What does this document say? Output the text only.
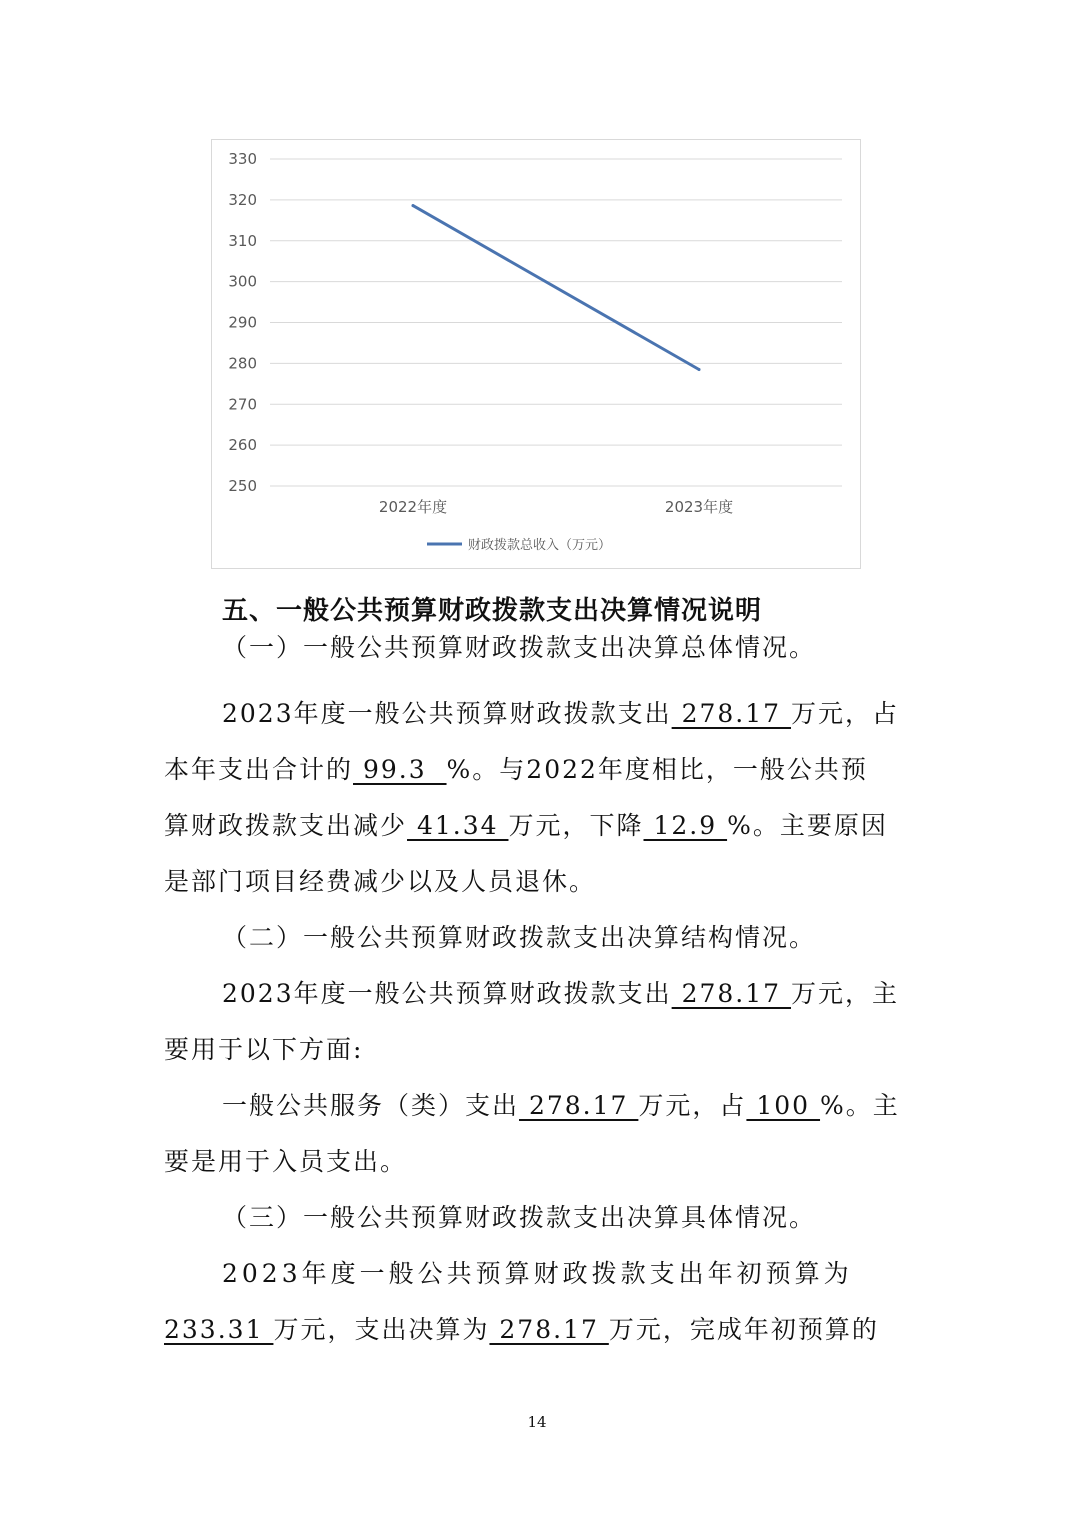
330
320
310
300
290
280
270
260
250
2022年度	2023年度
财政拨款总收入（万元）
五、一般公共预算财政拨款支出决算情况说明
（一）一般公共预算财政拨款支出决算总体情况。
2023年度一般公共预算财政拨款支出 278.17 万元，占
本年支出合计的 99.3  %。与2022年度相比，一般公共预
算财政拨款支出减少 41.34 万元，下降 12.9 %。主要原因
是部门项目经费减少以及人员退休。
（二）一般公共预算财政拨款支出决算结构情况。
2023年度一般公共预算财政拨款支出 278.17 万元，主
要用于以下方面:
一般公共服务（类）支出 278.17 万元，占 100 %。主
要是用于入员支出。
（三）一般公共预算财政拨款支出决算具体情况。
2023年度一般公共预算财政拨款支出年初预算为
233.31 万元，支出决算为 278.17 万元，完成年初预算的
14
